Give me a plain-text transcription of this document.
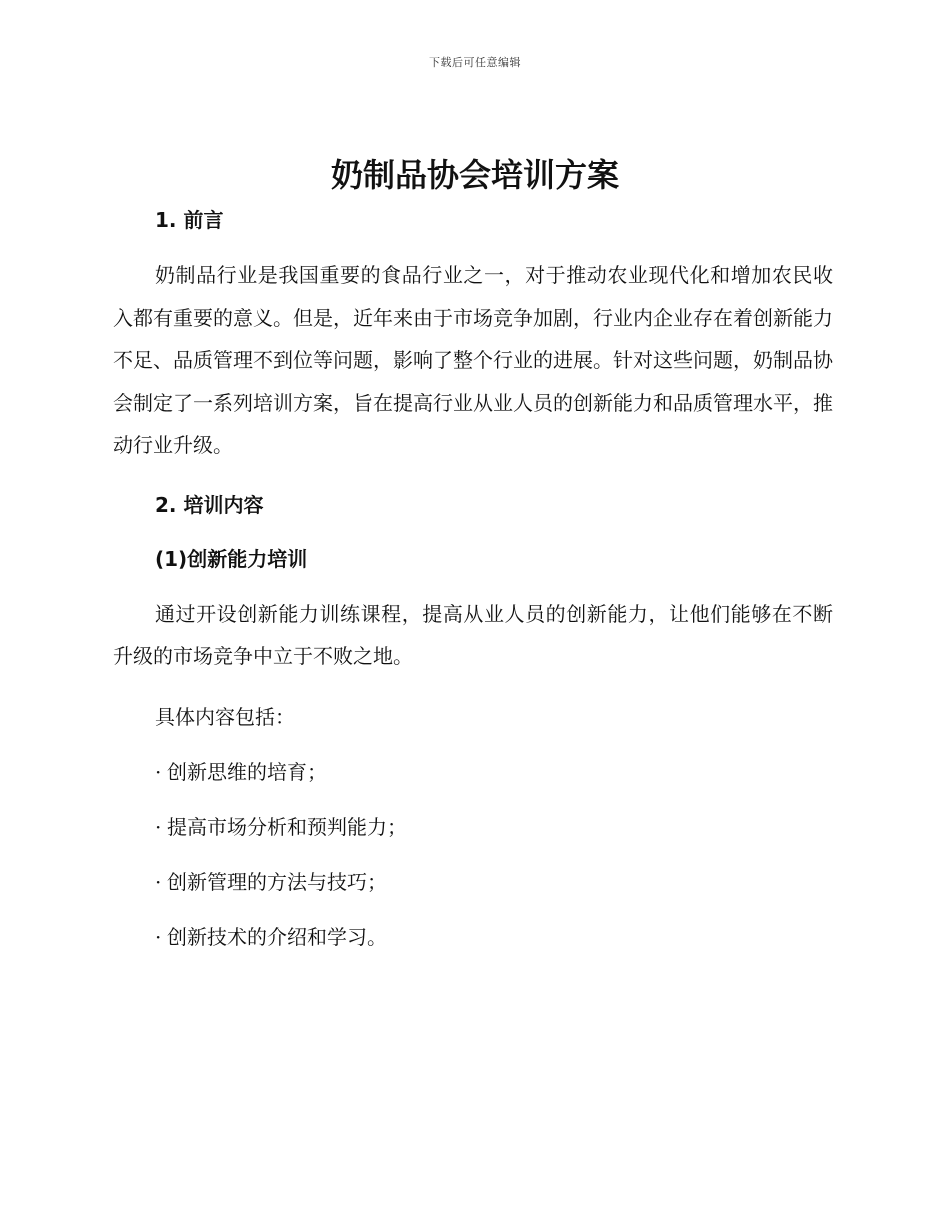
下载后可任意编辑
奶制品协会培训方案
1. 前言

奶制品行业是我国重要的食品行业之一，对于推动农业现代化和增加农民收入都有重要的意义。但是，近年来由于市场竞争加剧，行业内企业存在着创新能力不足、品质管理不到位等问题，影响了整个行业的进展。针对这些问题，奶制品协会制定了一系列培训方案，旨在提高行业从业人员的创新能力和品质管理水平，推动行业升级。

2. 培训内容
(1)创新能力培训

通过开设创新能力训练课程，提高从业人员的创新能力，让他们能够在不断升级的市场竞争中立于不败之地。

具体内容包括：

· 创新思维的培育；
· 提高市场分析和预判能力；
· 创新管理的方法与技巧；
· 创新技术的介绍和学习。
